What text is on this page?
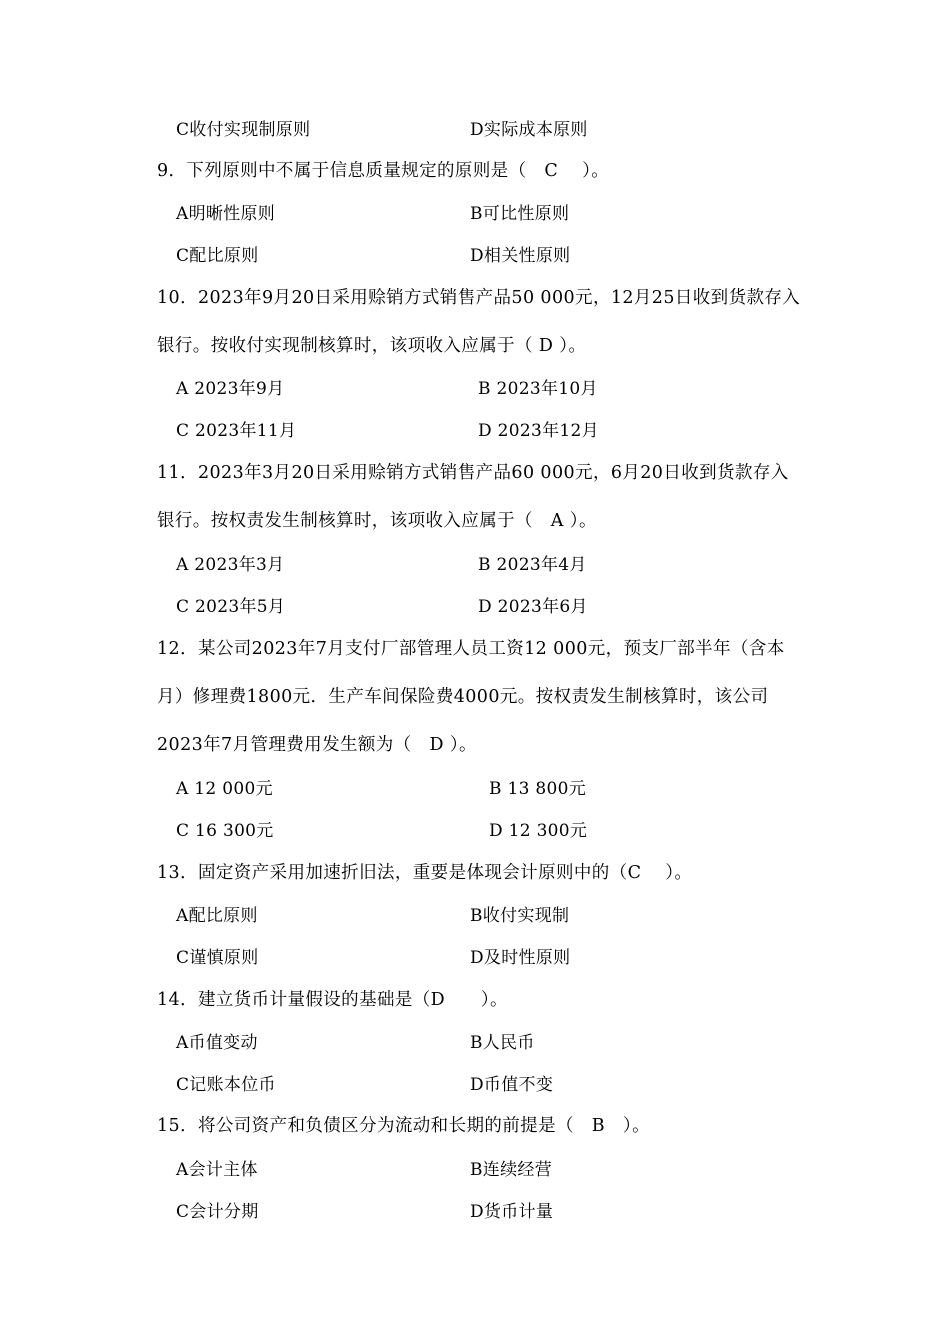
C收付实现制原则	D实际成本原则
9．下列原则中不属于信息质量规定的原则是（　C　 ）。
A明晰性原则	B可比性原则
C配比原则	D相关性原则
10．2023年9月20日采用赊销方式销售产品50 000元，12月25日收到货款存入
银行。按收付实现制核算时，该项收入应属于（ D ）。
A 2023年9月	B 2023年10月
C 2023年11月	D 2023年12月
11．2023年3月20日采用赊销方式销售产品60 000元，6月20日收到货款存入
银行。按权责发生制核算时，该项收入应属于（　A ）。
A 2023年3月	B 2023年4月
C 2023年5月	D 2023年6月
12．某公司2023年7月支付厂部管理人员工资12 000元，预支厂部半年（含本
月）修理费1800元．生产车间保险费4000元。按权责发生制核算时，该公司
2023年7月管理费用发生额为（　D ）。
A 12 000元	B 13 800元
C 16 300元	D 12 300元
13．固定资产采用加速折旧法，重要是体现会计原则中的（C　 ）。
A配比原则	B收付实现制
C谨慎原则	D及时性原则
14．建立货币计量假设的基础是（D　　）。
A币值变动	B人民币
C记账本位币	D币值不变
15．将公司资产和负债区分为流动和长期的前提是（　B　）。
A会计主体	B连续经营
C会计分期	D货币计量
